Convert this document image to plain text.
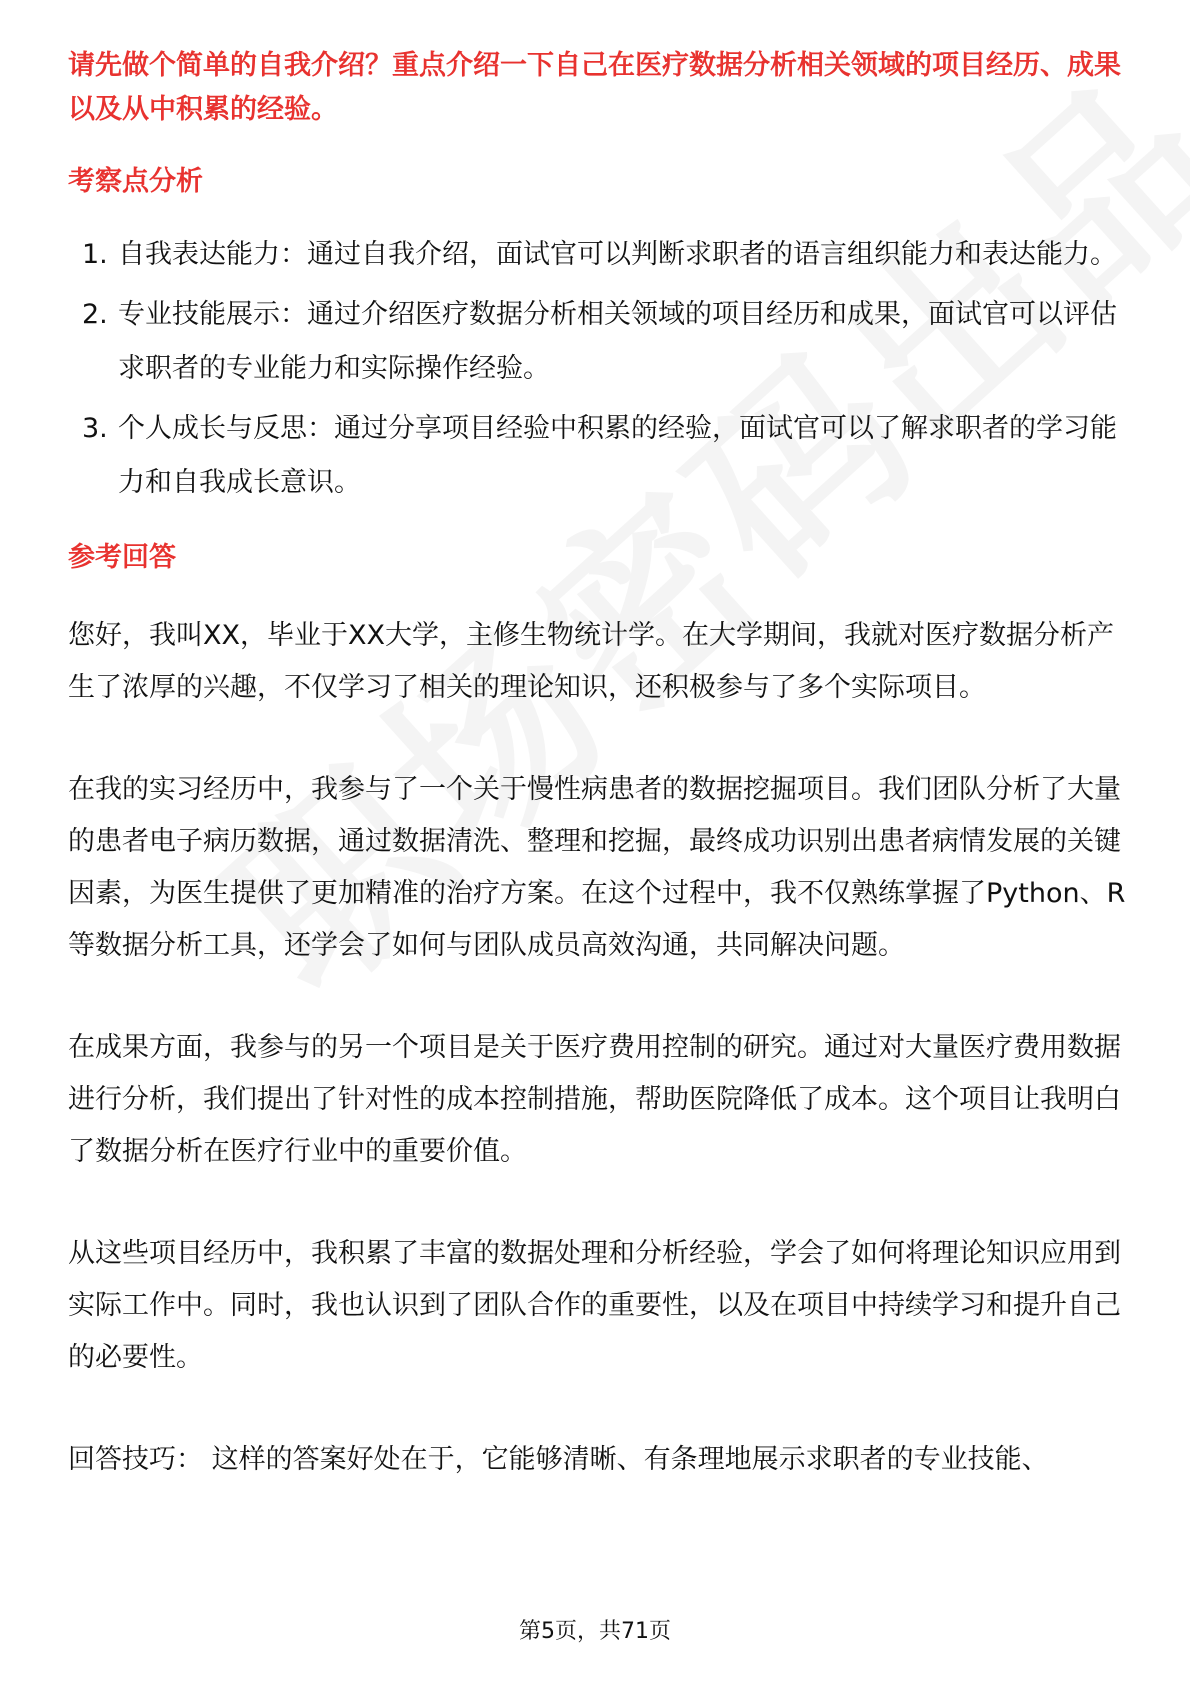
请先做个简单的自我介绍？重点介绍一下自己在医疗数据分析相关领域的项目经历、成果以及从中积累的经验。

考察点分析

1. 自我表达能力：通过自我介绍，面试官可以判断求职者的语言组织能力和表达能力。
2. 专业技能展示：通过介绍医疗数据分析相关领域的项目经历和成果，面试官可以评估求职者的专业能力和实际操作经验。
3. 个人成长与反思：通过分享项目经验中积累的经验，面试官可以了解求职者的学习能力和自我成长意识。

参考回答

您好，我叫XX，毕业于XX大学，主修生物统计学。在大学期间，我就对医疗数据分析产生了浓厚的兴趣，不仅学习了相关的理论知识，还积极参与了多个实际项目。

在我的实习经历中，我参与了一个关于慢性病患者的数据挖掘项目。我们团队分析了大量的患者电子病历数据，通过数据清洗、整理和挖掘，最终成功识别出患者病情发展的关键因素，为医生提供了更加精准的治疗方案。在这个过程中，我不仅熟练掌握了Python、R等数据分析工具，还学会了如何与团队成员高效沟通，共同解决问题。

在成果方面，我参与的另一个项目是关于医疗费用控制的研究。通过对大量医疗费用数据进行分析，我们提出了针对性的成本控制措施，帮助医院降低了成本。这个项目让我明白了数据分析在医疗行业中的重要价值。

从这些项目经历中，我积累了丰富的数据处理和分析经验，学会了如何将理论知识应用到实际工作中。同时，我也认识到了团队合作的重要性，以及在项目中持续学习和提升自己的必要性。

回答技巧： 这样的答案好处在于，它能够清晰、有条理地展示求职者的专业技能、

第5页，共71页
